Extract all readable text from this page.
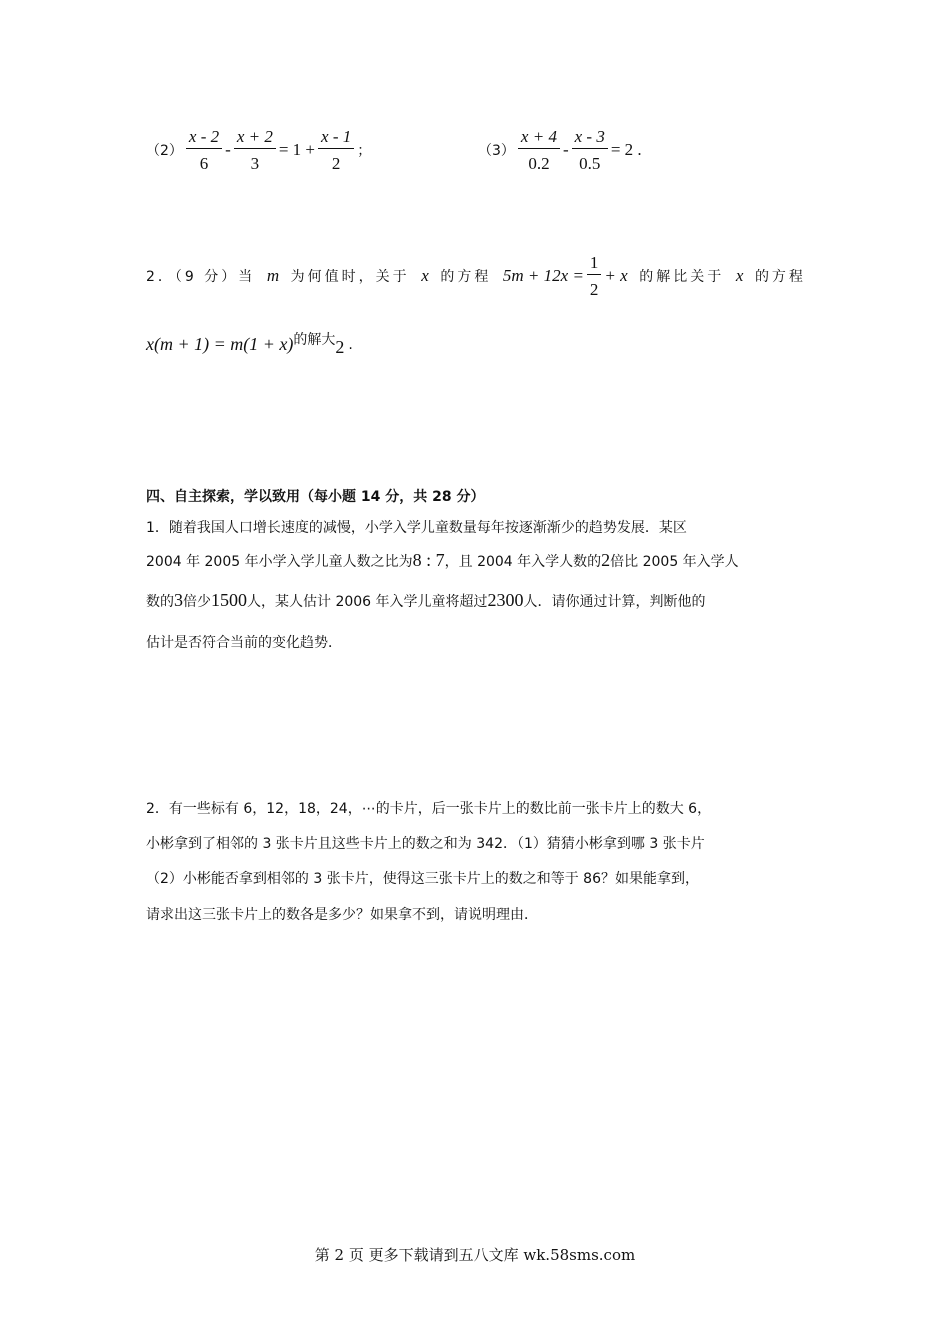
$(2) \frac{x - 2}{6} - \frac{x + 2}{3} = 1 + \frac{x - 1}{2}$ ；	$(3) \frac{x + 4}{0.2} - \frac{x - 3}{0.5} = 2$ .
2．（9 分）当 m 为何值时，关于 x 的方程 $5m + 12x = \frac{1}{2} + x$ 的解比关于 x 的方程
x(m + 1) = m(1 + x) 的解大 2 .
四、自主探索，学以致用（每小题 14 分，共 28 分）
1．随着我国人口增长速度的减慢，小学入学儿童数量每年按逐渐渐少的趋势发展．某区
2004 年 2005 年小学入学儿童人数之比为 8 : 7 ，且 2004 年入学人数的 2 倍比 2005 年入学人
数的 3 倍少 1500 人，某人估计 2006 年入学儿童将超过 2300 人．请你通过计算，判断他的
估计是否符合当前的变化趋势．
2．有一些标有 6，12，18，24，⋯的卡片，后一张卡片上的数比前一张卡片上的数大 6，
小彬拿到了相邻的 3 张卡片且这些卡片上的数之和为 342．（1）猜猜小彬拿到哪 3 张卡片
（2）小彬能否拿到相邻的 3 张卡片，使得这三张卡片上的数之和等于 86？如果能拿到，
请求出这三张卡片上的数各是多少？如果拿不到，请说明理由．
第 2 页 更多下载请到五八文库 wk.58sms.com
